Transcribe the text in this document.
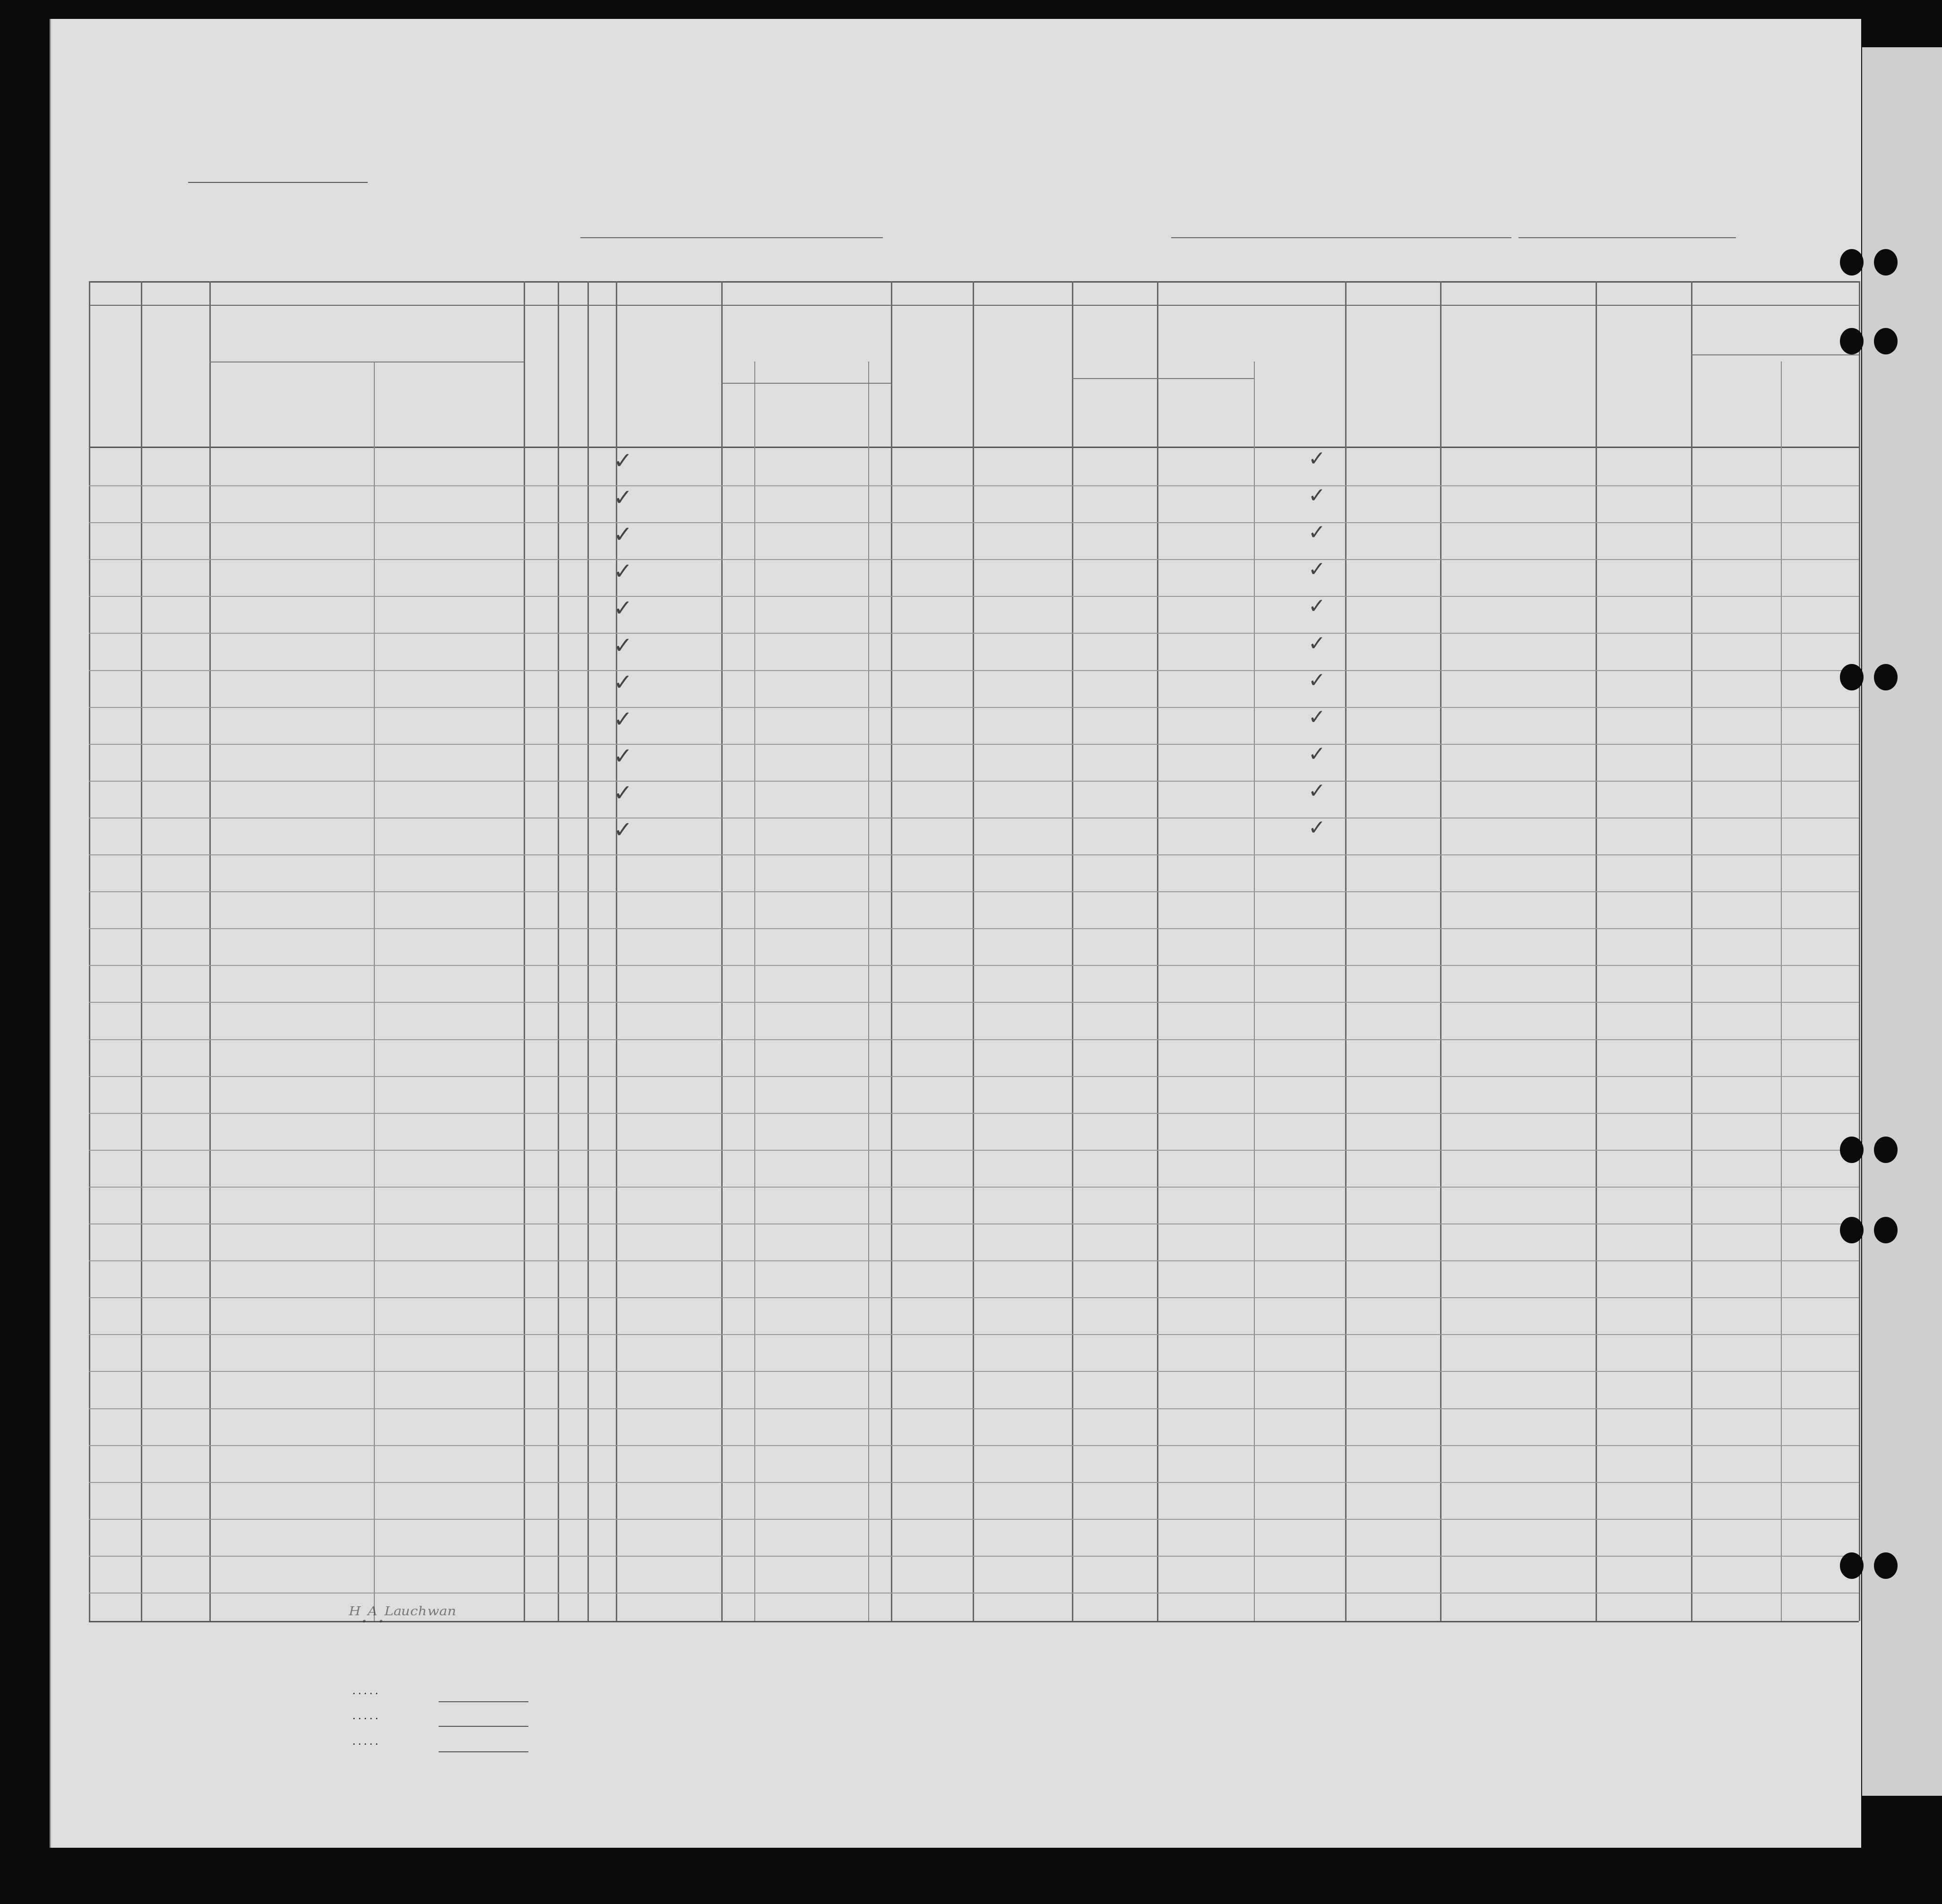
✓	✓
✓	✓
✓	✓
✓	✓
✓	✓
✓	✓
✓	✓
✓	✓
✓	✓
✓	✓
✓	✓
ᴴ.ᴬ.ᴸᵃᵘᶜʰʷᵃⁿ
. . . . .
. . . . .
. . . . .
